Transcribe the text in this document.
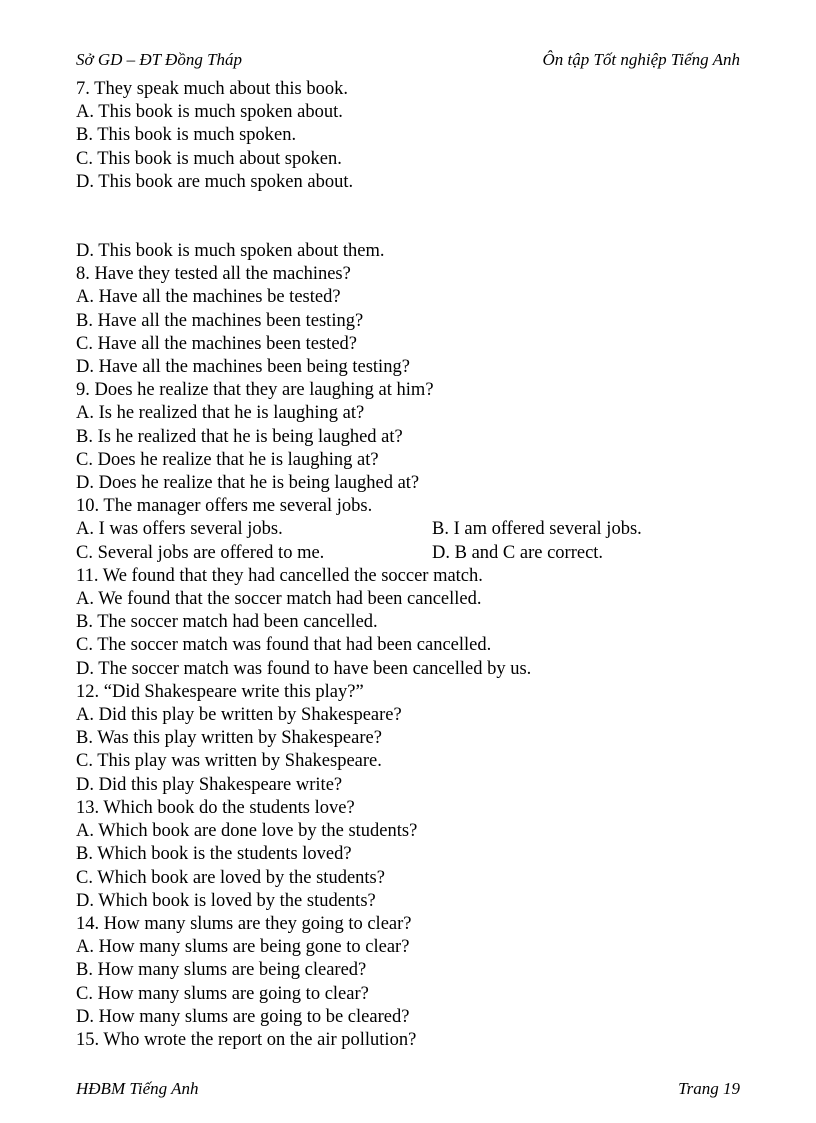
Sở GD – ĐT Đồng Tháp	Ôn tập Tốt nghiệp Tiếng Anh
7. They speak much about this book.
A. This book is much spoken about.
B. This book is much spoken.
C. This book is much about spoken.
D. This book are much spoken about.
D. This book is much spoken about them.
8. Have they tested all the machines?
A. Have all the machines be tested?
B. Have all the machines been testing?
C. Have all the machines been tested?
D. Have all the machines been being testing?
9. Does he realize that they are laughing at him?
A. Is he realized that he is laughing at?
B. Is he realized that he is being laughed at?
C. Does he realize that he is laughing at?
D. Does he realize that he is being laughed at?
10. The manager offers me several jobs.
A. I was offers several jobs.	B. I am offered several jobs.
C. Several jobs are offered to me.	D. B and C are correct.
11. We found that they had cancelled the soccer match.
A. We found that the soccer match had been cancelled.
B. The soccer match had been cancelled.
C. The soccer match was found that had been cancelled.
D. The soccer match was found to have been cancelled by us.
12. “Did Shakespeare write this play?”
A. Did this play be written by Shakespeare?
B. Was this play written by Shakespeare?
C. This play was written by Shakespeare.
D. Did this play Shakespeare write?
13. Which book do the students love?
A. Which book are done love by the students?
B. Which book is the students loved?
C. Which book are loved by the students?
D. Which book is loved by the students?
14. How many slums are they going to clear?
A. How many slums are being gone to clear?
B. How many slums are being cleared?
C. How many slums are going to clear?
D. How many slums are going to be cleared?
15. Who wrote the report on the air pollution?
HĐBM Tiếng Anh	Trang 19
